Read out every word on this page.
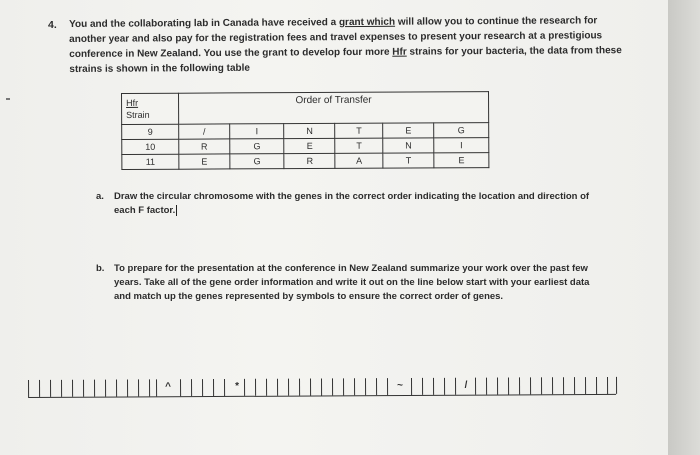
4. You and the collaborating lab in Canada have received a grant which will allow you to continue the research for another year and also pay for the registration fees and travel expenses to present your research at a prestigious conference in New Zealand. You use the grant to develop four more Hfr strains for your bacteria, the data from these strains is shown in the following table

Hfr
Strain	Order of Transfer					
9	/	I	N	T	E	G
10	R	G	E	T	N	I
11	E	G	R	A	T	E
a. Draw the circular chromosome with the genes in the correct order indicating the location and direction of each F factor.

b. To prepare for the presentation at the conference in New Zealand summarize your work over the past few years. Take all of the gene order information and write it out on the line below start with your earliest data and match up the genes represented by symbols to ensure the correct order of genes.

^	*	~	/
